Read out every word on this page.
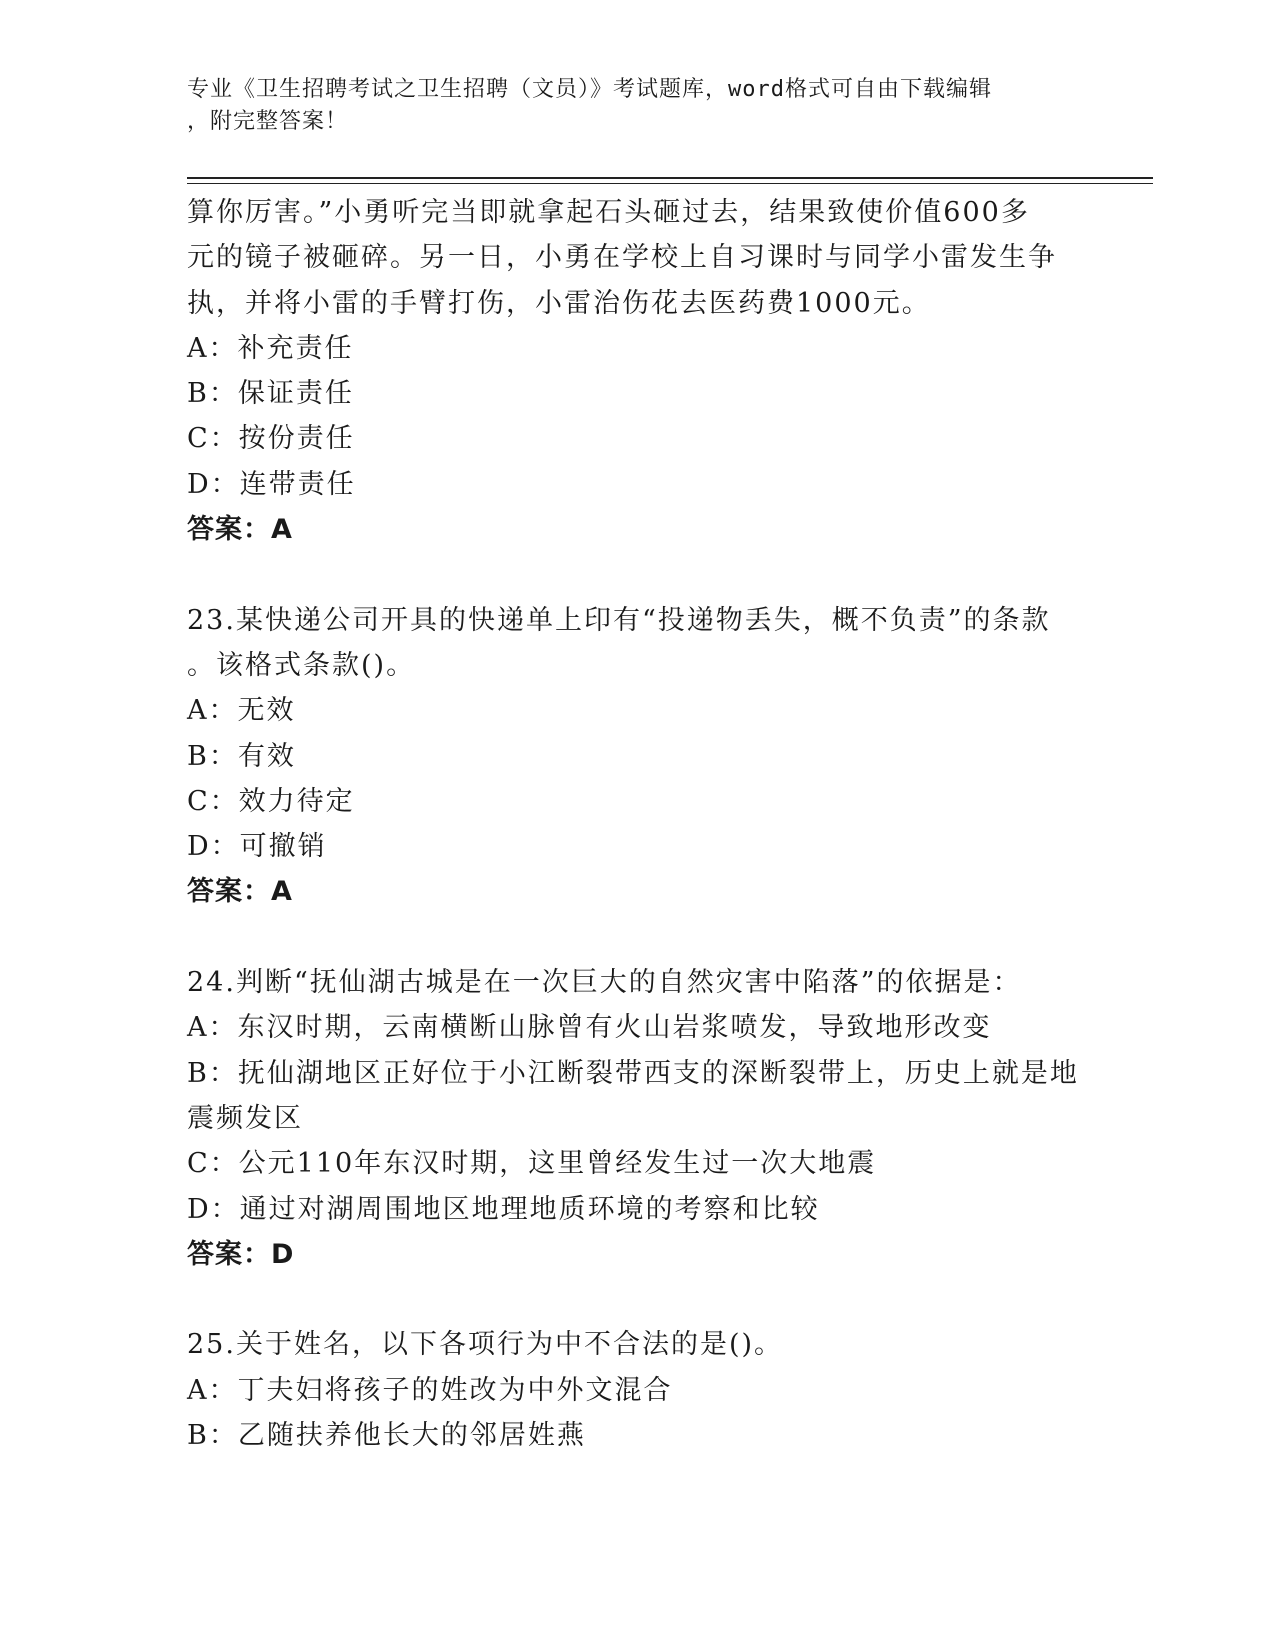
专业《卫生招聘考试之卫生招聘（文员）》考试题库，word格式可自由下载编辑
，附完整答案！
算你厉害。”小勇听完当即就拿起石头砸过去，结果致使价值600多
元的镜子被砸碎。另一日，小勇在学校上自习课时与同学小雷发生争
执，并将小雷的手臂打伤，小雷治伤花去医药费1000元。
A：补充责任
B：保证责任
C：按份责任
D：连带责任
答案：A
23.某快递公司开具的快递单上印有“投递物丢失，概不负责”的条款
。该格式条款()。
A：无效
B：有效
C：效力待定
D：可撤销
答案：A
24.判断“抚仙湖古城是在一次巨大的自然灾害中陷落”的依据是：
A：东汉时期，云南横断山脉曾有火山岩浆喷发，导致地形改变
B：抚仙湖地区正好位于小江断裂带西支的深断裂带上，历史上就是地
震频发区
C：公元110年东汉时期，这里曾经发生过一次大地震
D：通过对湖周围地区地理地质环境的考察和比较
答案：D
25.关于姓名，以下各项行为中不合法的是()。
A：丁夫妇将孩子的姓改为中外文混合
B：乙随扶养他长大的邻居姓燕
